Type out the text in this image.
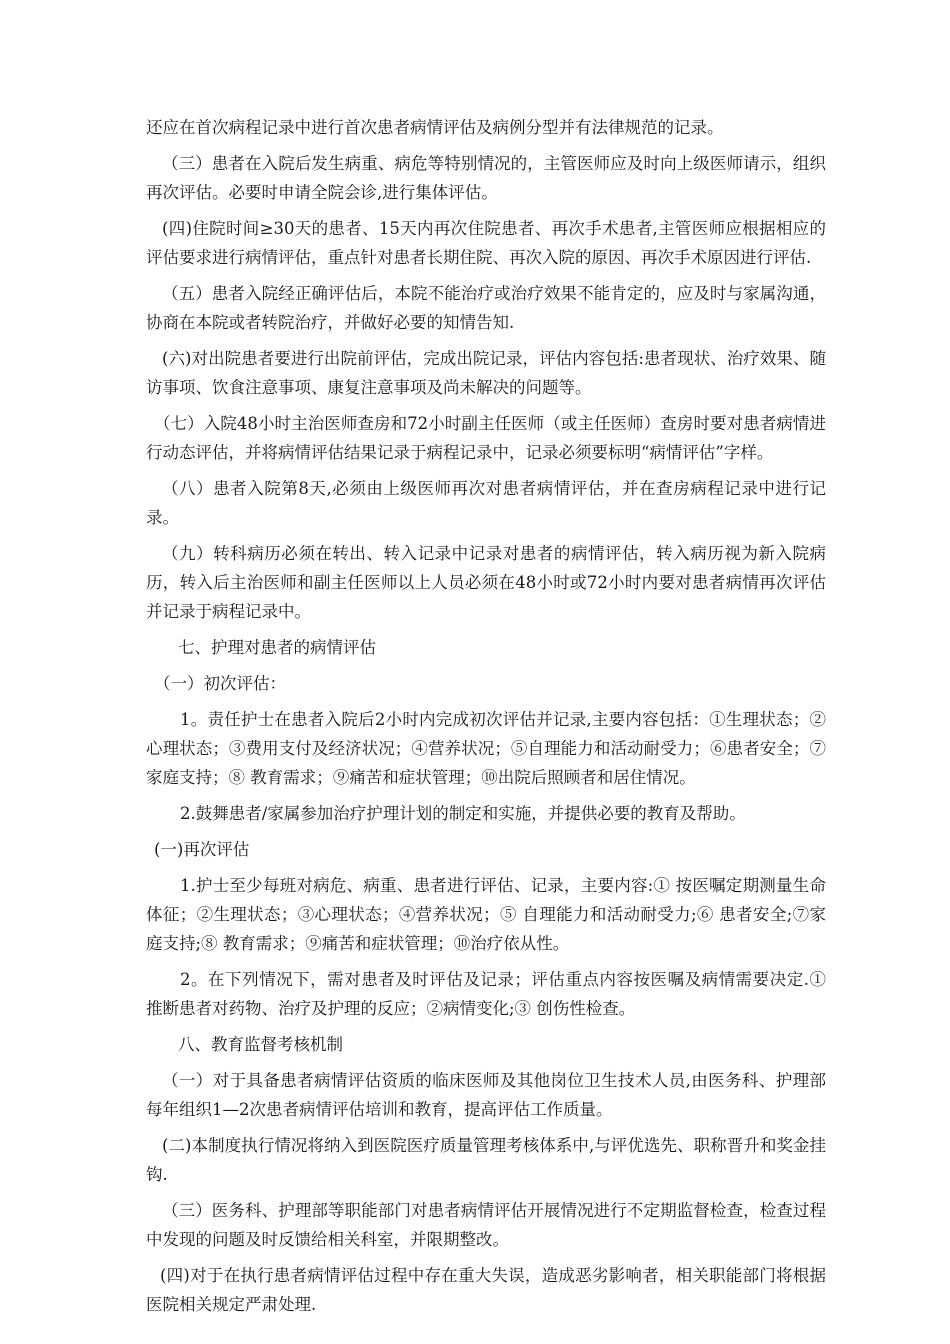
还应在首次病程记录中进行首次患者病情评估及病例分型并有法律规范的记录。

（三）患者在入院后发生病重、病危等特别情况的，主管医师应及时向上级医师请示，组织再次评估。必要时申请全院会诊,进行集体评估。

(四)住院时间≥30天的患者、15天内再次住院患者、再次手术患者,主管医师应根据相应的评估要求进行病情评估，重点针对患者长期住院、再次入院的原因、再次手术原因进行评估.

（五）患者入院经正确评估后，本院不能治疗或治疗效果不能肯定的，应及时与家属沟通，协商在本院或者转院治疗，并做好必要的知情告知.

(六)对出院患者要进行出院前评估，完成出院记录，评估内容包括:患者现状、治疗效果、随访事项、饮食注意事项、康复注意事项及尚未解决的问题等。

（七）入院48小时主治医师查房和72小时副主任医师（或主任医师）查房时要对患者病情进行动态评估，并将病情评估结果记录于病程记录中，记录必须要标明“病情评估”字样。

（八）患者入院第8天,必须由上级医师再次对患者病情评估，并在查房病程记录中进行记录。

（九）转科病历必须在转出、转入记录中记录对患者的病情评估，转入病历视为新入院病历，转入后主治医师和副主任医师以上人员必须在48小时或72小时内要对患者病情再次评估并记录于病程记录中。

七、护理对患者的病情评估

（一）初次评估：

1。责任护士在患者入院后2小时内完成初次评估并记录,主要内容包括：①生理状态；②心理状态；③费用支付及经济状况；④营养状况；⑤自理能力和活动耐受力；⑥患者安全；⑦家庭支持；⑧ 教育需求；⑨痛苦和症状管理；⑩出院后照顾者和居住情况。

2.鼓舞患者/家属参加治疗护理计划的制定和实施，并提供必要的教育及帮助。

(一)再次评估

1.护士至少每班对病危、病重、患者进行评估、记录，主要内容:① 按医嘱定期测量生命体征；②生理状态；③心理状态；④营养状况；⑤ 自理能力和活动耐受力;⑥ 患者安全;⑦家庭支持;⑧ 教育需求；⑨痛苦和症状管理；⑩治疗依从性。

2。在下列情况下，需对患者及时评估及记录；评估重点内容按医嘱及病情需要决定.① 推断患者对药物、治疗及护理的反应；②病情变化;③ 创伤性检查。

八、教育监督考核机制

（一）对于具备患者病情评估资质的临床医师及其他岗位卫生技术人员,由医务科、护理部每年组织1—2次患者病情评估培训和教育，提高评估工作质量。

(二)本制度执行情况将纳入到医院医疗质量管理考核体系中,与评优选先、职称晋升和奖金挂钩.

（三）医务科、护理部等职能部门对患者病情评估开展情况进行不定期监督检查，检查过程中发现的问题及时反馈给相关科室，并限期整改。

(四)对于在执行患者病情评估过程中存在重大失误，造成恶劣影响者，相关职能部门将根据医院相关规定严肃处理.
